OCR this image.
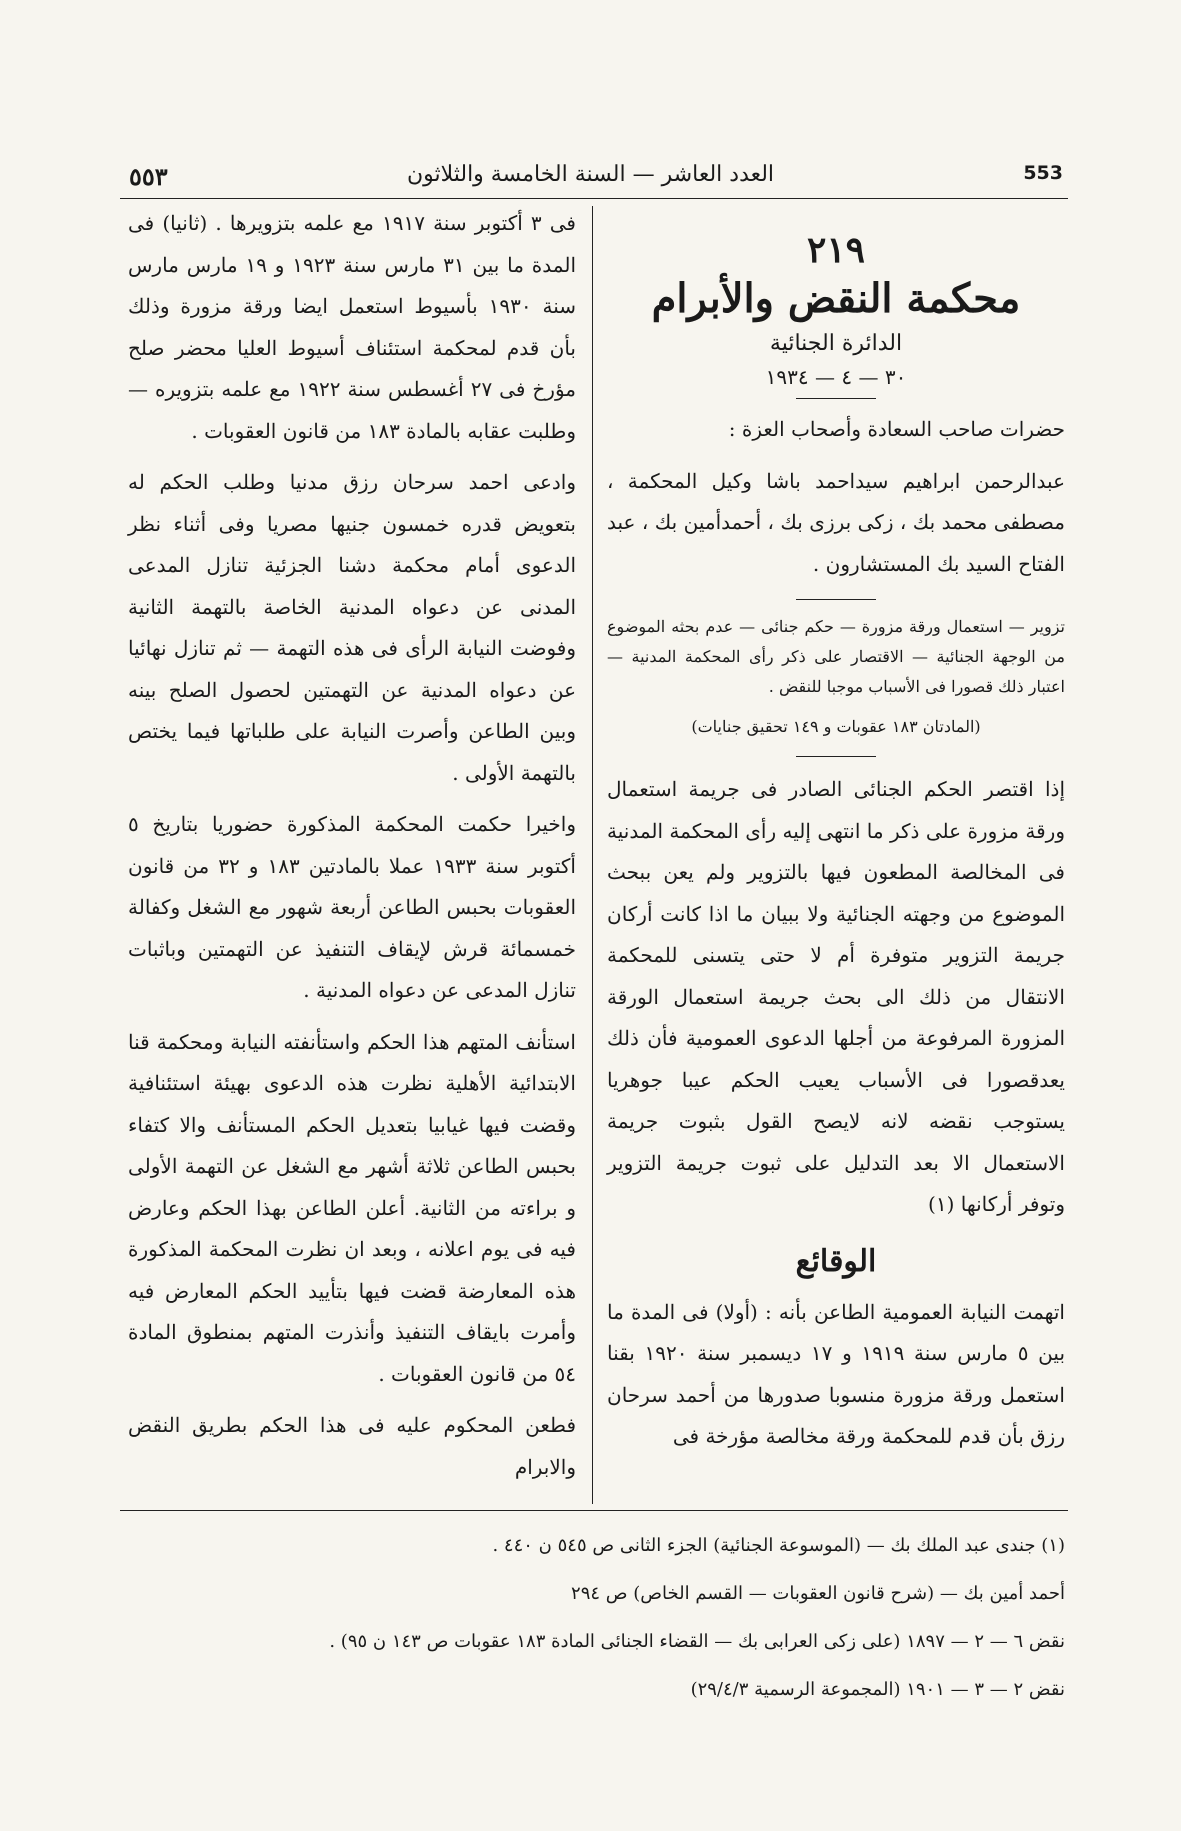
٥٥٣	العدد العاشر — السنة الخامسة والثلاثون	553
٢١٩
محكمة النقض والأبرام
الدائرة الجنائية
٣٠ — ٤ — ١٩٣٤

حضرات صاحب السعادة وأصحاب العزة :

عبدالرحمن ابراهيم سيداحمد باشا وكيل المحكمة ، مصطفى محمد بك ، زكى برزى بك ، أحمدأمين بك ، عبد الفتاح السيد بك المستشارون .

تزوير — استعمال ورقة مزورة — حكم جنائى — عدم بحثه الموضوع من الوجهة الجنائية — الاقتصار على ذكر رأى المحكمة المدنية — اعتبار ذلك قصورا فى الأسباب موجبا للنقض .

(المادتان ١٨٣ عقوبات و ١٤٩ تحقيق جنايات)

إذا اقتصر الحكم الجنائى الصادر فى جريمة استعمال ورقة مزورة على ذكر ما انتهى إليه رأى المحكمة المدنية فى المخالصة المطعون فيها بالتزوير ولم يعن ببحث الموضوع من وجهته الجنائية ولا ببيان ما اذا كانت أركان جريمة التزوير متوفرة أم لا حتى يتسنى للمحكمة الانتقال من ذلك الى بحث جريمة استعمال الورقة المزورة المرفوعة من أجلها الدعوى العمومية فأن ذلك يعدقصورا فى الأسباب يعيب الحكم عيبا جوهريا يستوجب نقضه لانه لايصح القول بثبوت جريمة الاستعمال الا بعد التدليل على ثبوت جريمة التزوير وتوفر أركانها (١)

الوقائع

اتهمت النيابة العمومية الطاعن بأنه : (أولا) فى المدة ما بين ٥ مارس سنة ١٩١٩ و ١٧ ديسمبر سنة ١٩٢٠ بقنا استعمل ورقة مزورة منسوبا صدورها من أحمد سرحان رزق بأن قدم للمحكمة ورقة مخالصة مؤرخة فى

فى ٣ أكتوبر سنة ١٩١٧ مع علمه بتزويرها . (ثانيا) فى المدة ما بين ٣١ مارس سنة ١٩٢٣ و ١٩ مارس مارس سنة ١٩٣٠ بأسيوط استعمل ايضا ورقة مزورة وذلك بأن قدم لمحكمة استئناف أسيوط العليا محضر صلح مؤرخ فى ٢٧ أغسطس سنة ١٩٢٢ مع علمه بتزويره — وطلبت عقابه بالمادة ١٨٣ من قانون العقوبات .

وادعى احمد سرحان رزق مدنيا وطلب الحكم له بتعويض قدره خمسون جنيها مصريا وفى أثناء نظر الدعوى أمام محكمة دشنا الجزئية تنازل المدعى المدنى عن دعواه المدنية الخاصة بالتهمة الثانية وفوضت النيابة الرأى فى هذه التهمة — ثم تنازل نهائيا عن دعواه المدنية عن التهمتين لحصول الصلح بينه وبين الطاعن وأصرت النيابة على طلباتها فيما يختص بالتهمة الأولى .

واخيرا حكمت المحكمة المذكورة حضوريا بتاريخ ٥ أكتوبر سنة ١٩٣٣ عملا بالمادتين ١٨٣ و ٣٢ من قانون العقوبات بحبس الطاعن أربعة شهور مع الشغل وكفالة خمسمائة قرش لإيقاف التنفيذ عن التهمتين وباثبات تنازل المدعى عن دعواه المدنية .

استأنف المتهم هذا الحكم واستأنفته النيابة ومحكمة قنا الابتدائية الأهلية نظرت هذه الدعوى بهيئة استئنافية وقضت فيها غيابيا بتعديل الحكم المستأنف والا كتفاء بحبس الطاعن ثلاثة أشهر مع الشغل عن التهمة الأولى و براءته من الثانية. أعلن الطاعن بهذا الحكم وعارض فيه فى يوم اعلانه ، وبعد ان نظرت المحكمة المذكورة هذه المعارضة قضت فيها بتأييد الحكم المعارض فيه وأمرت بايقاف التنفيذ وأنذرت المتهم بمنطوق المادة ٥٤ من قانون العقوبات .

فطعن المحكوم عليه فى هذا الحكم بطريق النقض والابرام

(١) جندى عبد الملك بك — (الموسوعة الجنائية) الجزء الثانى ص ٥٤٥ ن ٤٤٠ .
أحمد أمين بك — (شرح قانون العقوبات — القسم الخاص) ص ٢٩٤
نقض ٦ — ٢ — ١٨٩٧ (على زكى العرابى بك — القضاء الجنائى المادة ١٨٣ عقوبات ص ١٤٣ ن ٩٥) .
نقض ٢ — ٣ — ١٩٠١ (المجموعة الرسمية ٢٩/٤/٣)
